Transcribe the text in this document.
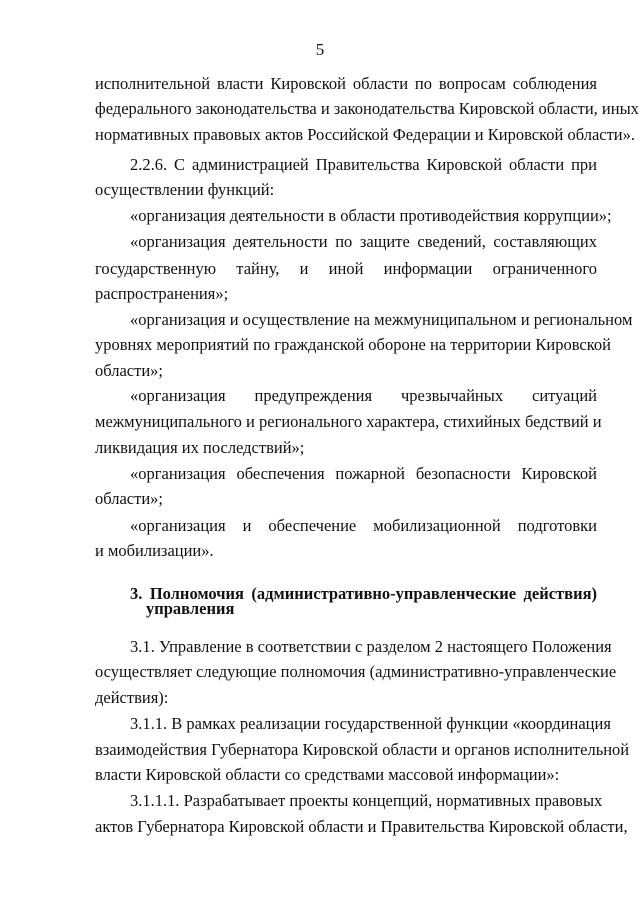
5
исполнительной власти Кировской области по вопросам соблюдения
федерального законодательства и законодательства Кировской области, иных
нормативных правовых актов Российской Федерации и Кировской области».
2.2.6. С администрацией Правительства Кировской области при
осуществлении функций:
«организация деятельности в области противодействия коррупции»;
«организация деятельности по защите сведений, составляющих
государственную тайну, и иной информации ограниченного
распространения»;
«организация и осуществление на межмуниципальном и региональном
уровнях мероприятий по гражданской обороне на территории Кировской
области»;
«организация предупреждения чрезвычайных ситуаций
межмуниципального и регионального характера, стихийных бедствий и
ликвидация их последствий»;
«организация обеспечения пожарной безопасности Кировской
области»;
«организация и обеспечение мобилизационной подготовки
и мобилизации».
3. Полномочия (административно-управленческие действия)
управления
3.1. Управление в соответствии с разделом 2 настоящего Положения
осуществляет следующие полномочия (административно-управленческие
действия):
3.1.1. В рамках реализации государственной функции «координация
взаимодействия Губернатора Кировской области и органов исполнительной
власти Кировской области со средствами массовой информации»:
3.1.1.1. Разрабатывает проекты концепций, нормативных правовых
актов Губернатора Кировской области и Правительства Кировской области,
